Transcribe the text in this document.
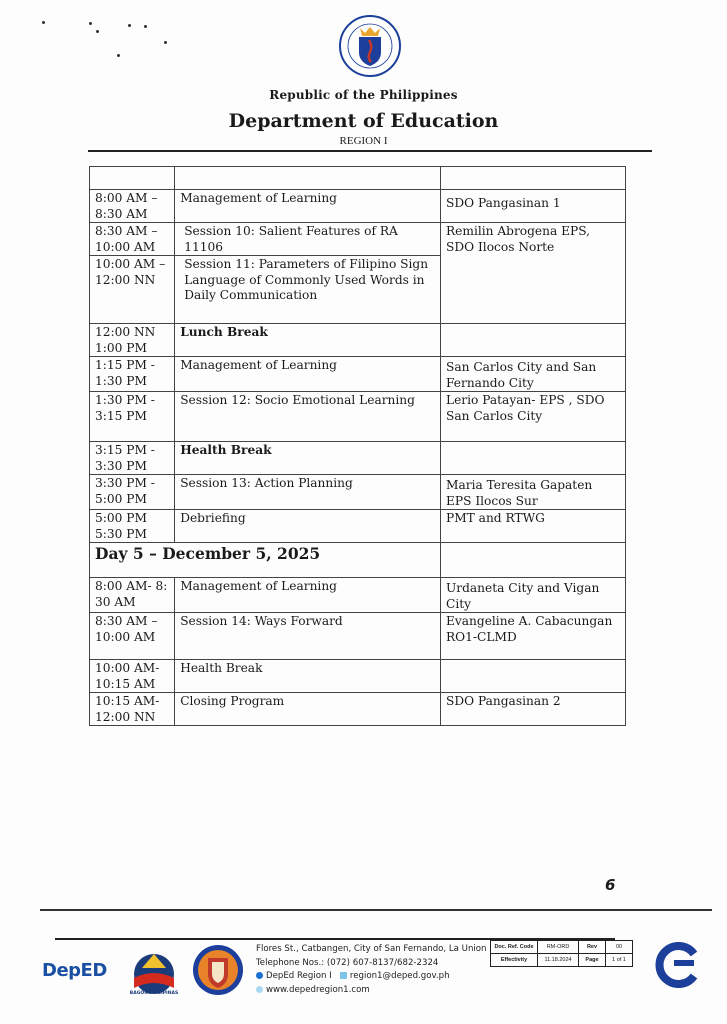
Republic of the Philippines
Department of Education
REGION I

8:00 AM – 8:30 AM	Management of Learning	SDO Pangasinan 1
8:30 AM – 10:00 AM	Session 10: Salient Features of RA 11106	Remilin Abrogena EPS, SDO Ilocos Norte
10:00 AM – 12:00 NN	Session 11: Parameters of Filipino Sign Language of Commonly Used Words in Daily Communication	
12:00 NN 1:00 PM	Lunch Break	
1:15 PM - 1:30 PM	Management of Learning	San Carlos City and San Fernando City
1:30 PM - 3:15 PM	Session 12: Socio Emotional Learning	Lerio Patayan- EPS , SDO San Carlos City
3:15 PM - 3:30 PM	Health Break	
3:30 PM - 5:00 PM	Session 13: Action Planning	Maria Teresita Gapaten EPS Ilocos Sur
5:00 PM 5:30 PM	Debriefing	PMT and RTWG
Day 5 – December 5, 2025		
8:00 AM- 8: 30 AM	Management of Learning	Urdaneta City and Vigan City
8:30 AM – 10:00 AM	Session 14: Ways Forward	Evangeline A. Cabacungan RO1-CLMD
10:00 AM- 10:15 AM	Health Break	
10:15 AM- 12:00 NN	Closing Program	SDO Pangasinan 2
6
DepED
BAGONG PILIPINAS
Flores St., Catbangen, City of San Fernando, La Union
Telephone Nos.: (072) 607-8137/682-2324
DepEd Region I region1@deped.gov.ph
www.depedregion1.com
Doc. Ref. Code	RM-ORD	Rev	00
Effectivity	11.18.2024	Page	1 of 1
